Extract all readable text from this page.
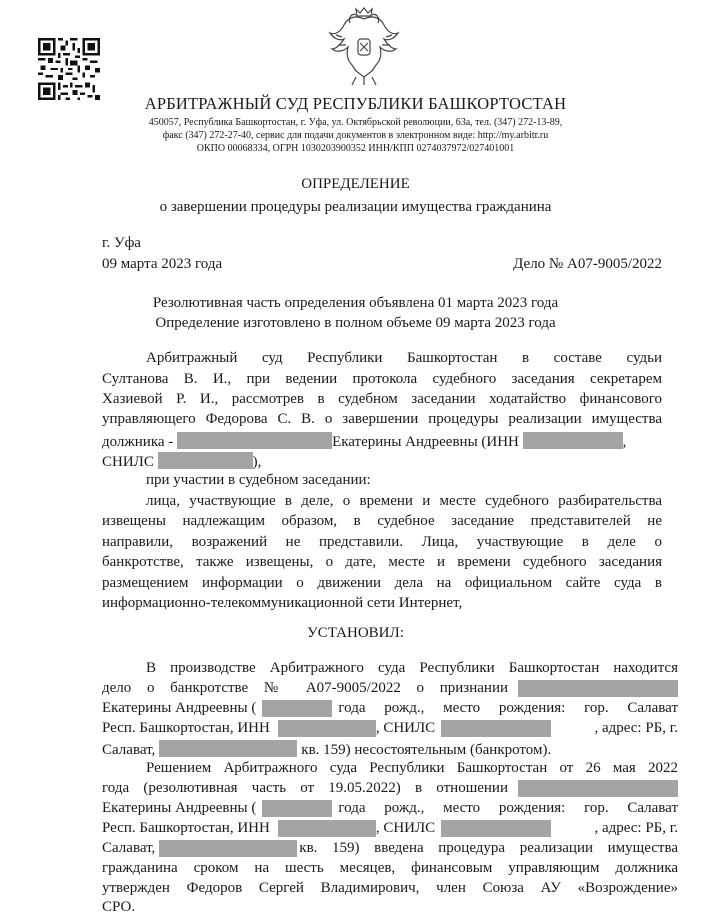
АРБИТРАЖНЫЙ СУД РЕСПУБЛИКИ БАШКОРТОСТАН
450057, Республика Башкортостан, г. Уфа, ул. Октябрьской революции, 63а, тел. (347) 272-13-89,
факс (347) 272-27-40, сервис для подачи документов в электронном виде: http://my.arbitr.ru
ОКПО 00068334, ОГРН 1030203900352 ИНН/КПП 0274037972/027401001
ОПРЕДЕЛЕНИЕ
о завершении процедуры реализации имущества гражданина
г. Уфа
09 марта 2023 года	Дело № А07-9005/2022
Резолютивная часть определения объявлена 01 марта 2023 года
Определение изготовлено в полном объеме 09 марта 2023 года
Арбитражный суд Республики Башкортостан в составе судьи
Султанова В. И., при ведении протокола судебного заседания секретарем
Хазиевой Р. И., рассмотрев в судебном заседании ходатайство финансового
управляющего Федорова С. В. о завершении процедуры реализации имущества
должника -	Екатерины Андреевны (ИНН	,
СНИЛС	),
при участии в судебном заседании:
лица, участвующие в деле, о времени и месте судебного разбирательства
извещены надлежащим образом, в судебное заседание представителей не
направили, возражений не представили. Лица, участвующие в деле о
банкротстве, также извещены, о дате, месте и времени судебного заседания
размещением информации о движении дела на официальном сайте суда в
информационно-телекоммуникационной сети Интернет,
УСТАНОВИЛ:
В производстве Арбитражного суда Республики Башкортостан находится
дело о банкротстве № А07-9005/2022 о признании
Екатерины Андреевны (	года рожд., место рождения: гор. Салават
Респ. Башкортостан, ИНН	, СНИЛС	, адрес: РБ, г.
Салават,	кв. 159) несостоятельным (банкротом).
Решением Арбитражного суда Республики Башкортостан от 26 мая 2022
года (резолютивная часть от 19.05.2022) в отношении
Екатерины Андреевны (	года рожд., место рождения: гор. Салават
Респ. Башкортостан, ИНН	, СНИЛС	, адрес: РБ, г.
Салават,	кв. 159) введена процедура реализации имущества
гражданина сроком на шесть месяцев, финансовым управляющим должника
утвержден Федоров Сергей Владимирович, член Союза АУ «Возрождение»
СРО.
